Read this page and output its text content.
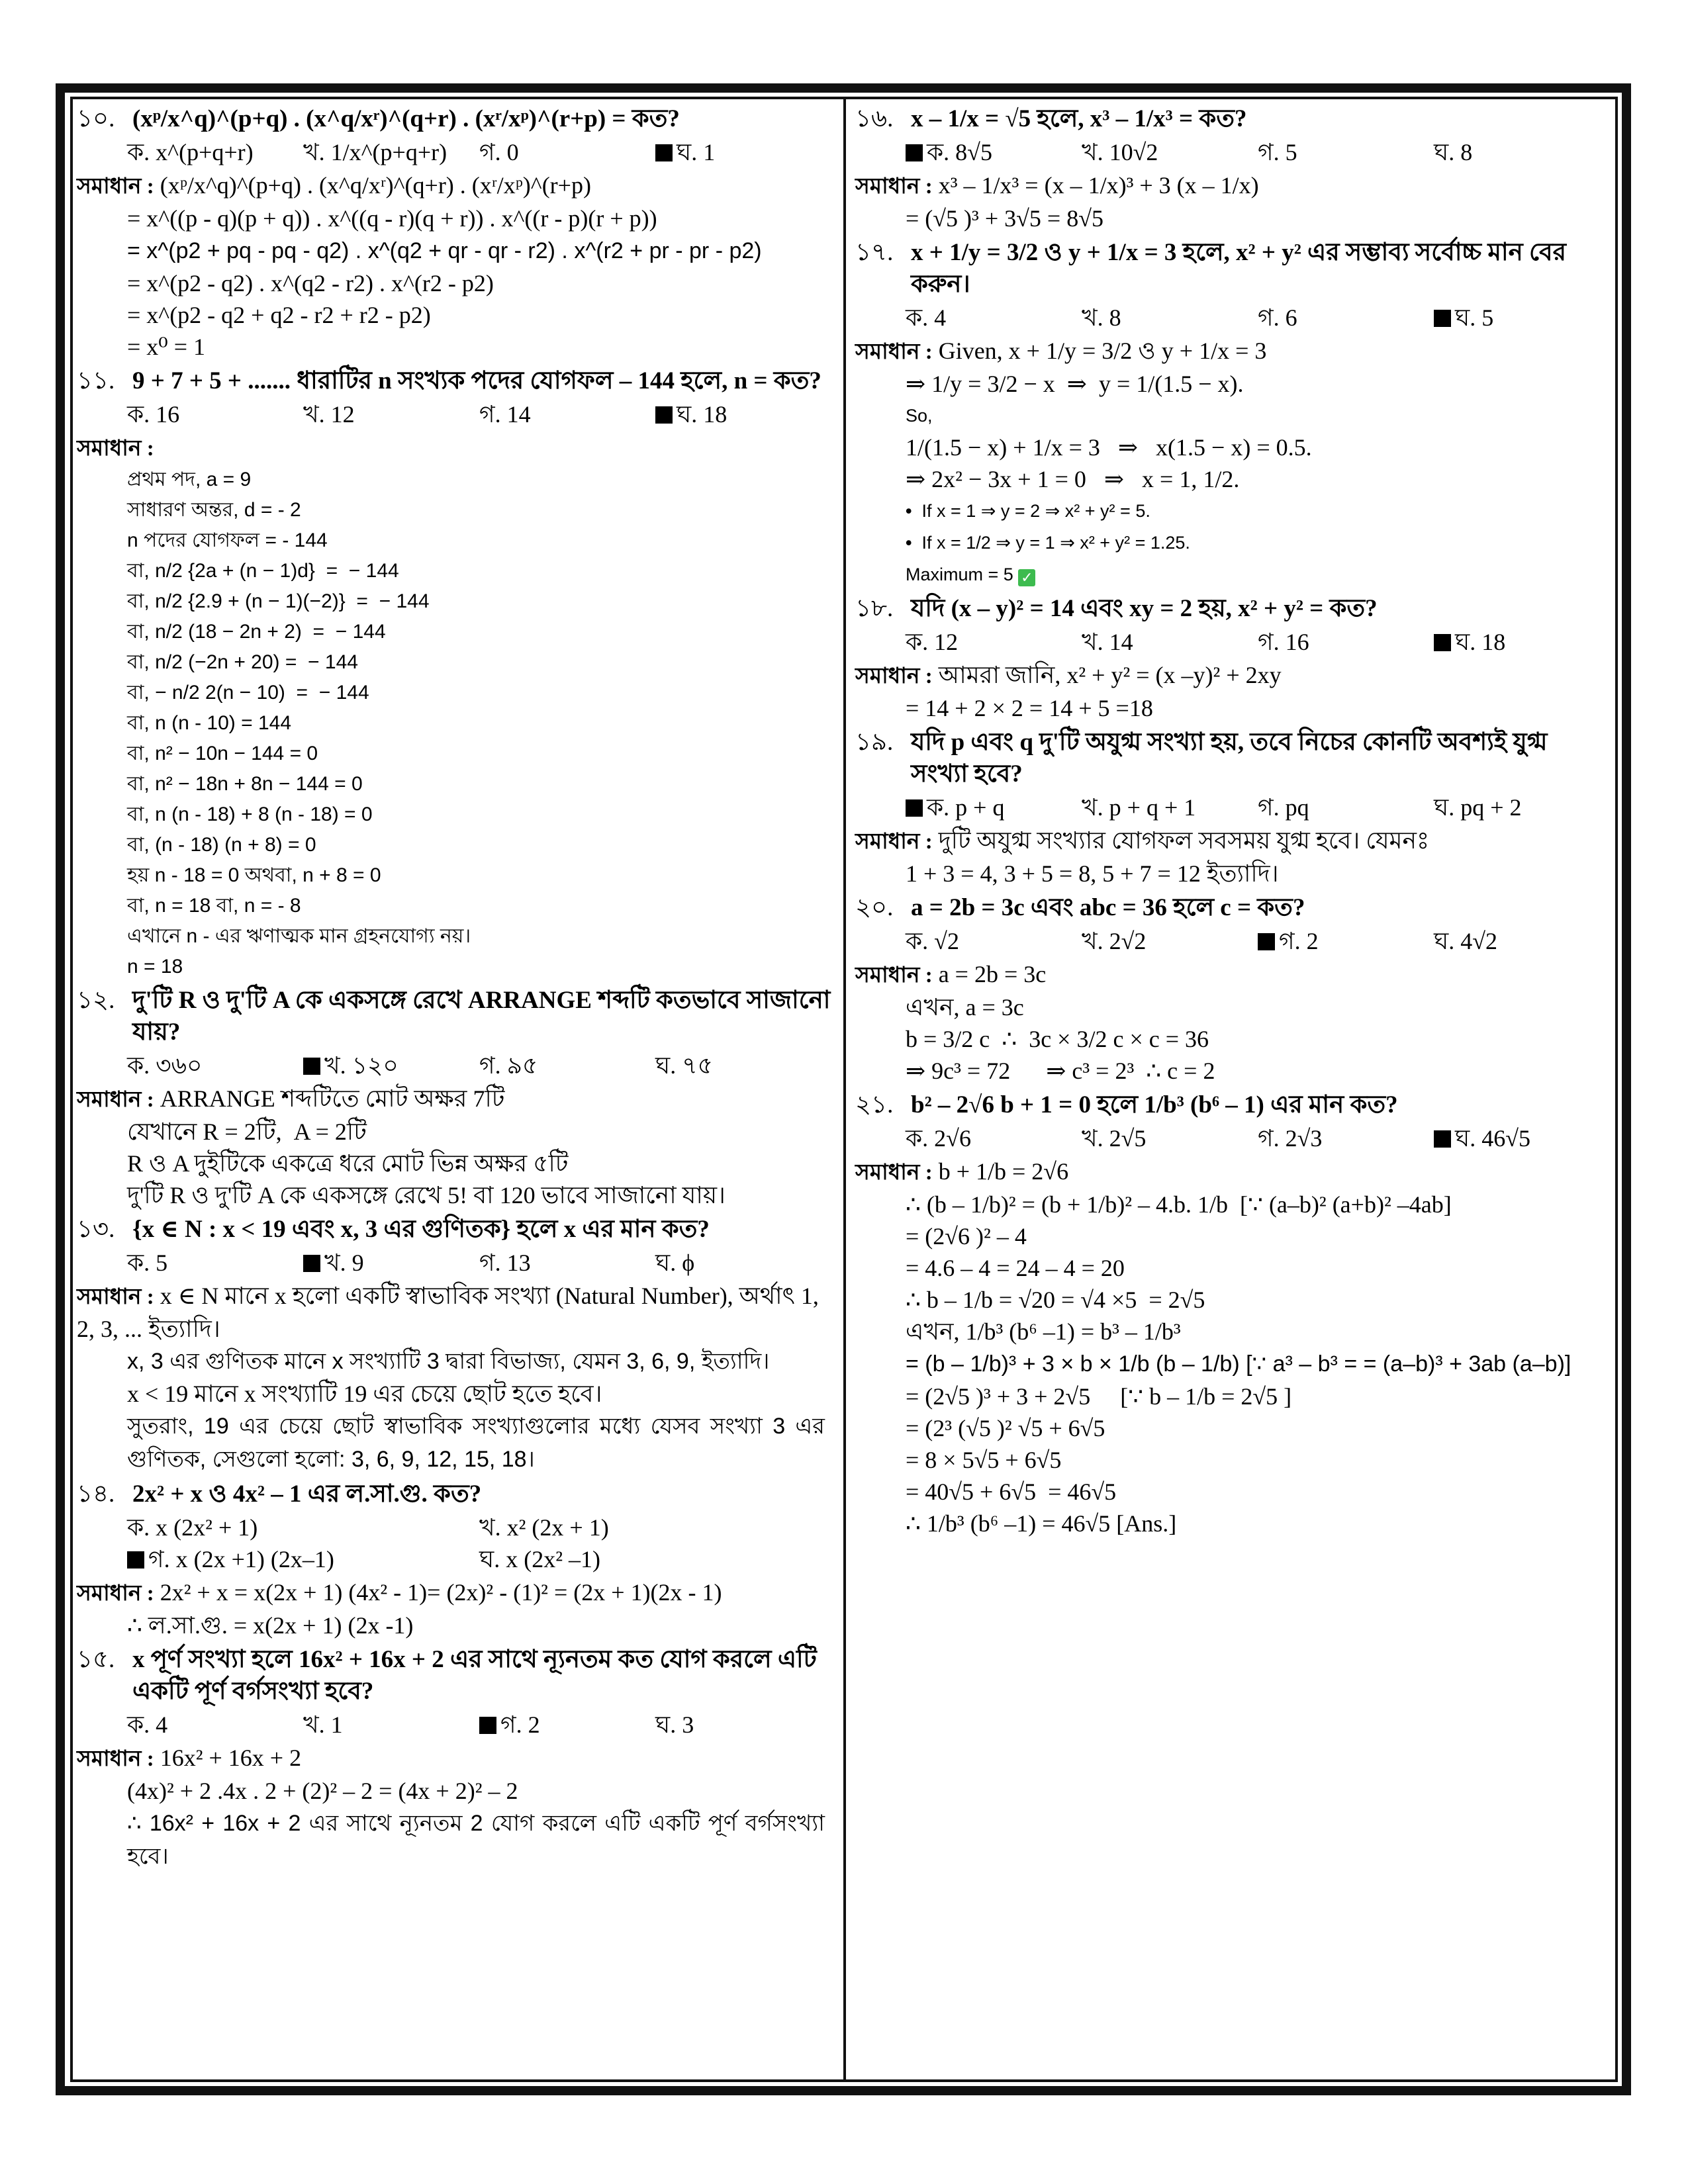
১০. (xᵖ/x^q)^(p+q) . (x^q/xʳ)^(q+r) . (xʳ/xᵖ)^(r+p) = কত?
ক. x^(p+q+r)	খ. 1/x^(p+q+r)	গ. 0	ঘ. 1
সমাধান : (xᵖ/x^q)^(p+q) . (x^q/xʳ)^(q+r) . (xʳ/xᵖ)^(r+p)
= x^((p - q)(p + q)) . x^((q - r)(q + r)) . x^((r - p)(r + p))
= x^(p2 + pq - pq - q2) . x^(q2 + qr - qr - r2) . x^(r2 + pr - pr - p2)
= x^(p2 - q2) . x^(q2 - r2) . x^(r2 - p2)
= x^(p2 - q2 + q2 - r2 + r2 - p2)
= x⁰ = 1
১১. 9 + 7 + 5 + ....... ধারাটির n সংখ্যক পদের যোগফল – 144 হলে, n = কত?
ক. 16	খ. 12	গ. 14	ঘ. 18
সমাধান :
প্রথম পদ, a = 9
সাধারণ অন্তর, d = - 2
n পদের যোগফল = - 144
বা, n/2 {2a + (n − 1)d}  =  − 144
বা, n/2 {2.9 + (n − 1)(−2)}  =  − 144
বা, n/2 (18 − 2n + 2)  =  − 144
বা, n/2 (−2n + 20) =  − 144
বা, − n/2 2(n − 10)  =  − 144
বা, n (n - 10) = 144
বা, n² − 10n − 144 = 0
বা, n² − 18n + 8n − 144 = 0
বা, n (n - 18) + 8 (n - 18) = 0
বা, (n - 18) (n + 8) = 0
হয় n - 18 = 0 অথবা, n + 8 = 0
বা, n = 18 বা, n = - 8
এখানে n - এর ঋণাত্মক মান গ্রহনযোগ্য নয়।
n = 18
১২. দু'টি R ও দু'টি A কে একসঙ্গে রেখে ARRANGE শব্দটি কতভাবে সাজানো যায়?
ক. ৩৬০	খ. ১২০	গ. ৯৫	ঘ. ৭৫
সমাধান : ARRANGE শব্দটিতে মোট অক্ষর 7টি
যেখানে R = 2টি,  A = 2টি
R ও A দুইটিকে একত্রে ধরে মোট ভিন্ন অক্ষর ৫টি
দু'টি R ও দু'টি A কে একসঙ্গে রেখে 5! বা 120 ভাবে সাজানো যায়।
১৩. {x ∈ N : x < 19 এবং x, 3 এর গুণিতক} হলে x এর মান কত?
ক. 5	খ. 9	গ. 13	ঘ. ϕ
সমাধান : x ∈ N মানে x হলো একটি স্বাভাবিক সংখ্যা (Natural Number), অর্থাৎ 1, 2, 3, ... ইত্যাদি।
x, 3 এর গুণিতক মানে x সংখ্যাটি 3 দ্বারা বিভাজ্য, যেমন 3, 6, 9, ইত্যাদি।
x < 19 মানে x সংখ্যাটি 19 এর চেয়ে ছোট হতে হবে।
সুতরাং, 19 এর চেয়ে ছোট স্বাভাবিক সংখ্যাগুলোর মধ্যে যেসব সংখ্যা 3 এর গুণিতক, সেগুলো হলো: 3, 6, 9, 12, 15, 18।
১৪. 2x² + x ও 4x² – 1 এর ল.সা.গু. কত?
ক. x (2x² + 1)	খ. x² (2x + 1)
গ. x (2x +1) (2x–1)	ঘ. x (2x² –1)
সমাধান : 2x² + x = x(2x + 1) (4x² - 1)= (2x)² - (1)² = (2x + 1)(2x - 1)
∴ ল.সা.গু. = x(2x + 1) (2x -1)
১৫. x পূর্ণ সংখ্যা হলে 16x² + 16x + 2 এর সাথে ন্যূনতম কত যোগ করলে এটি একটি পূর্ণ বর্গসংখ্যা হবে?
ক. 4	খ. 1	গ. 2	ঘ. 3
সমাধান : 16x² + 16x + 2
(4x)² + 2 .4x . 2 + (2)² – 2 = (4x + 2)² – 2
∴ 16x² + 16x + 2 এর সাথে ন্যূনতম 2 যোগ করলে এটি একটি পূর্ণ বর্গসংখ্যা হবে।
১৬. x – 1/x = √5 হলে, x³ – 1/x³ = কত?
ক. 8√5	খ. 10√2	গ. 5	ঘ. 8
সমাধান : x³ – 1/x³ = (x – 1/x)³ + 3 (x – 1/x)
= (√5 )³ + 3√5 = 8√5
১৭. x + 1/y = 3/2 ও y + 1/x = 3 হলে, x² + y² এর সম্ভাব্য সর্বোচ্চ মান বের করুন।
ক. 4	খ. 8	গ. 6	ঘ. 5
সমাধান : Given, x + 1/y = 3/2 ও y + 1/x = 3
⇒ 1/y = 3/2 − x  ⇒  y = 1/(1.5 − x).
So,
1/(1.5 − x) + 1/x = 3   ⇒   x(1.5 − x) = 0.5.
⇒ 2x² − 3x + 1 = 0   ⇒   x = 1, 1/2.
•  If x = 1 ⇒ y = 2 ⇒ x² + y² = 5.
•  If x = 1/2 ⇒ y = 1 ⇒ x² + y² = 1.25.
Maximum = 5 ✓
১৮. যদি (x – y)² = 14 এবং xy = 2 হয়, x² + y² = কত?
ক. 12	খ. 14	গ. 16	ঘ. 18
সমাধান : আমরা জানি, x² + y² = (x –y)² + 2xy
= 14 + 2 × 2 = 14 + 5 =18
১৯. যদি p এবং q দু'টি অযুগ্ম সংখ্যা হয়, তবে নিচের কোনটি অবশ্যই যুগ্ম সংখ্যা হবে?
ক. p + q	খ. p + q + 1	গ. pq	ঘ. pq + 2
সমাধান : দুটি অযুগ্ম সংখ্যার যোগফল সবসময় যুগ্ম হবে। যেমনঃ
1 + 3 = 4, 3 + 5 = 8, 5 + 7 = 12 ইত্যাদি।
২০. a = 2b = 3c এবং abc = 36 হলে c = কত?
ক. √2	খ. 2√2	গ. 2	ঘ. 4√2
সমাধান : a = 2b = 3c
এখন, a = 3c
b = 3/2 c  ∴  3c × 3/2 c × c = 36
⇒ 9c³ = 72      ⇒ c³ = 2³  ∴ c = 2
২১. b² – 2√6 b + 1 = 0 হলে 1/b³ (b⁶ – 1) এর মান কত?
ক. 2√6	খ. 2√5	গ. 2√3	ঘ. 46√5
সমাধান : b + 1/b = 2√6
∴ (b – 1/b)² = (b + 1/b)² – 4.b. 1/b  [∵ (a–b)² (a+b)² –4ab]
= (2√6 )² – 4
= 4.6 – 4 = 24 – 4 = 20
∴ b – 1/b = √20 = √4 ×5  = 2√5
এখন, 1/b³ (b⁶ –1) = b³ – 1/b³
= (b – 1/b)³ + 3 × b × 1/b (b – 1/b) [∵ a³ – b³ = = (a–b)³ + 3ab (a–b)]
= (2√5 )³ + 3 + 2√5     [∵ b – 1/b = 2√5 ]
= (2³ (√5 )² √5 + 6√5
= 8 × 5√5 + 6√5
= 40√5 + 6√5  = 46√5
∴ 1/b³ (b⁶ –1) = 46√5 [Ans.]
